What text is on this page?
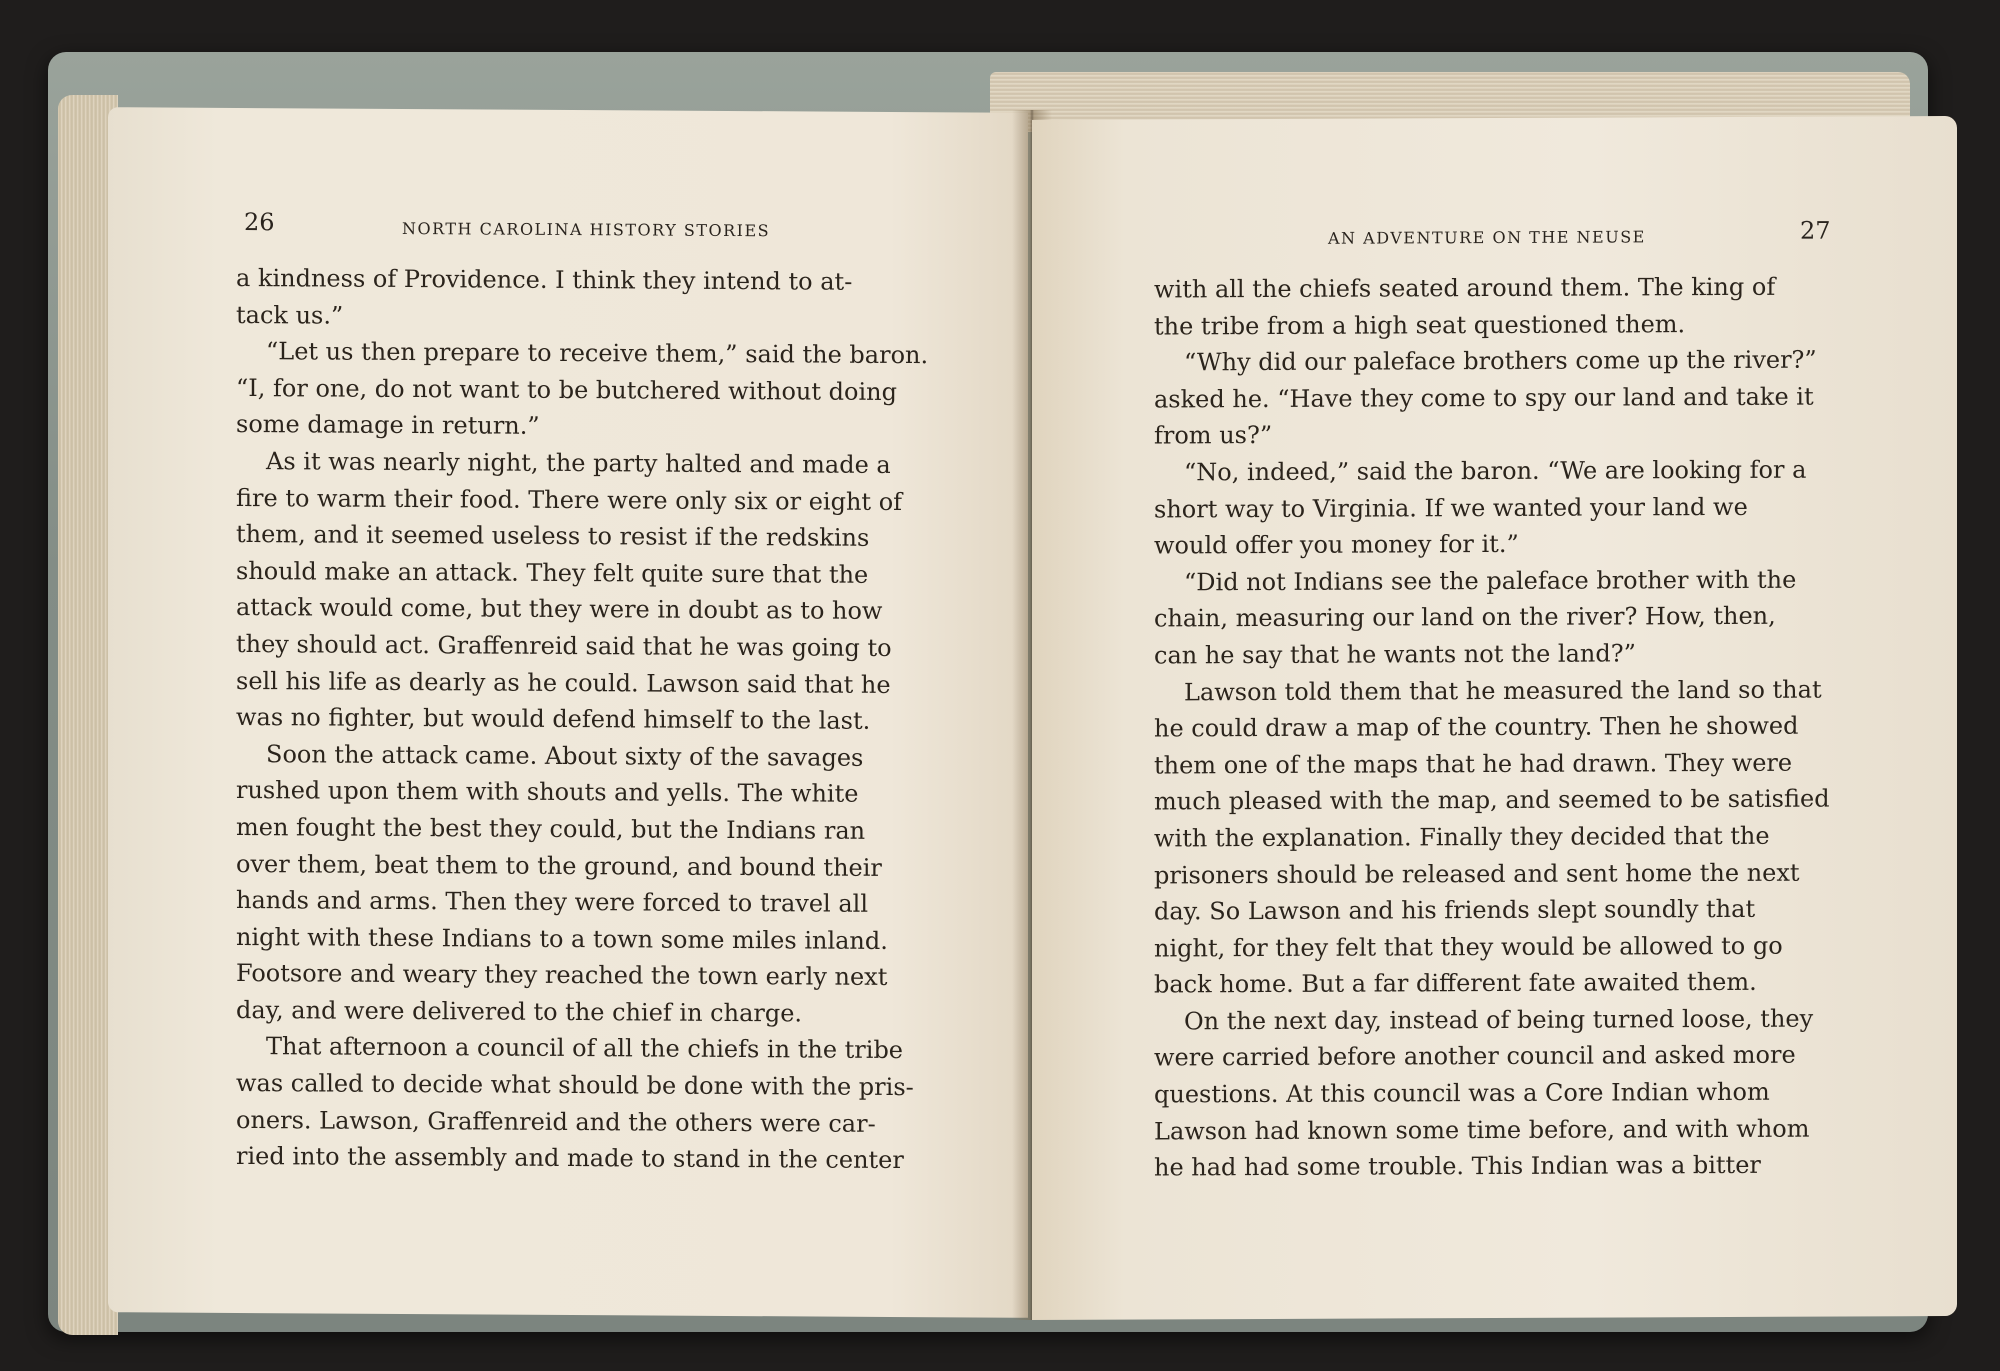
26	NORTH CAROLINA HISTORY STORIES
a kindness of Providence. I think they intend to at-
tack us.”
“Let us then prepare to receive them,” said the baron.
“I, for one, do not want to be butchered without doing
some damage in return.”
As it was nearly night, the party halted and made a
fire to warm their food. There were only six or eight of
them, and it seemed useless to resist if the redskins
should make an attack. They felt quite sure that the
attack would come, but they were in doubt as to how
they should act. Graffenreid said that he was going to
sell his life as dearly as he could. Lawson said that he
was no fighter, but would defend himself to the last.
Soon the attack came. About sixty of the savages
rushed upon them with shouts and yells. The white
men fought the best they could, but the Indians ran
over them, beat them to the ground, and bound their
hands and arms. Then they were forced to travel all
night with these Indians to a town some miles inland.
Footsore and weary they reached the town early next
day, and were delivered to the chief in charge.
That afternoon a council of all the chiefs in the tribe
was called to decide what should be done with the pris-
oners. Lawson, Graffenreid and the others were car-
ried into the assembly and made to stand in the center
AN ADVENTURE ON THE NEUSE	27
with all the chiefs seated around them. The king of
the tribe from a high seat questioned them.
“Why did our paleface brothers come up the river?”
asked he. “Have they come to spy our land and take it
from us?”
“No, indeed,” said the baron. “We are looking for a
short way to Virginia. If we wanted your land we
would offer you money for it.”
“Did not Indians see the paleface brother with the
chain, measuring our land on the river? How, then,
can he say that he wants not the land?”
Lawson told them that he measured the land so that
he could draw a map of the country. Then he showed
them one of the maps that he had drawn. They were
much pleased with the map, and seemed to be satisfied
with the explanation. Finally they decided that the
prisoners should be released and sent home the next
day. So Lawson and his friends slept soundly that
night, for they felt that they would be allowed to go
back home. But a far different fate awaited them.
On the next day, instead of being turned loose, they
were carried before another council and asked more
questions. At this council was a Core Indian whom
Lawson had known some time before, and with whom
he had had some trouble. This Indian was a bitter
